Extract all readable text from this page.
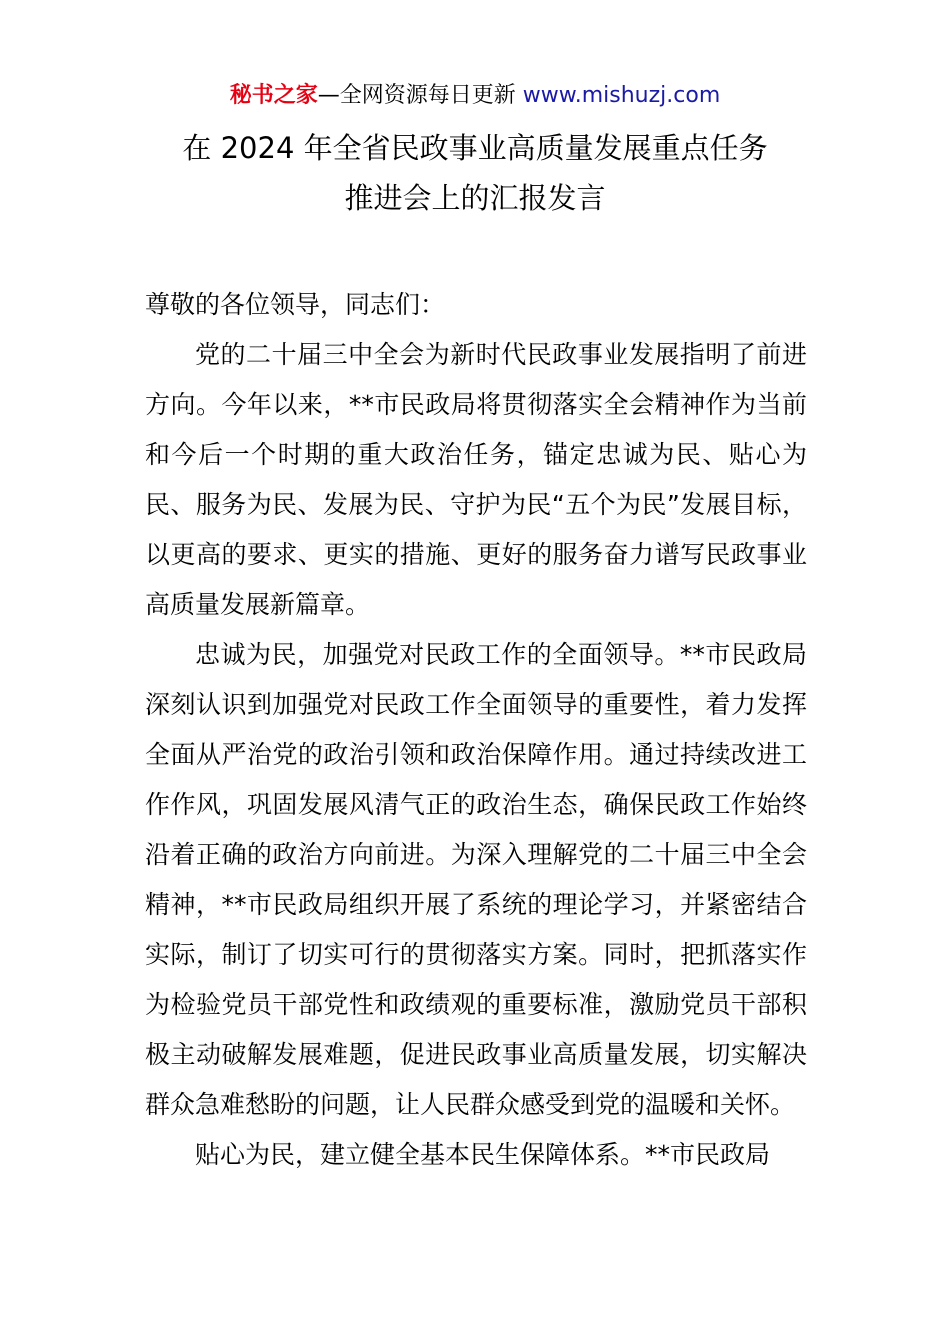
秘书之家—全网资源每日更新 www.mishuzj.com
在 2024 年全省民政事业高质量发展重点任务
推进会上的汇报发言

尊敬的各位领导，同志们：

党的二十届三中全会为新时代民政事业发展指明了前进方向。今年以来，**市民政局将贯彻落实全会精神作为当前和今后一个时期的重大政治任务，锚定忠诚为民、贴心为民、服务为民、发展为民、守护为民“五个为民”发展目标，以更高的要求、更实的措施、更好的服务奋力谱写民政事业高质量发展新篇章。

忠诚为民，加强党对民政工作的全面领导。**市民政局深刻认识到加强党对民政工作全面领导的重要性，着力发挥全面从严治党的政治引领和政治保障作用。通过持续改进工作作风，巩固发展风清气正的政治生态，确保民政工作始终沿着正确的政治方向前进。为深入理解党的二十届三中全会精神，**市民政局组织开展了系统的理论学习，并紧密结合实际，制订了切实可行的贯彻落实方案。同时，把抓落实作为检验党员干部党性和政绩观的重要标准，激励党员干部积极主动破解发展难题，促进民政事业高质量发展，切实解决群众急难愁盼的问题，让人民群众感受到党的温暖和关怀。

贴心为民，建立健全基本民生保障体系。**市民政局
